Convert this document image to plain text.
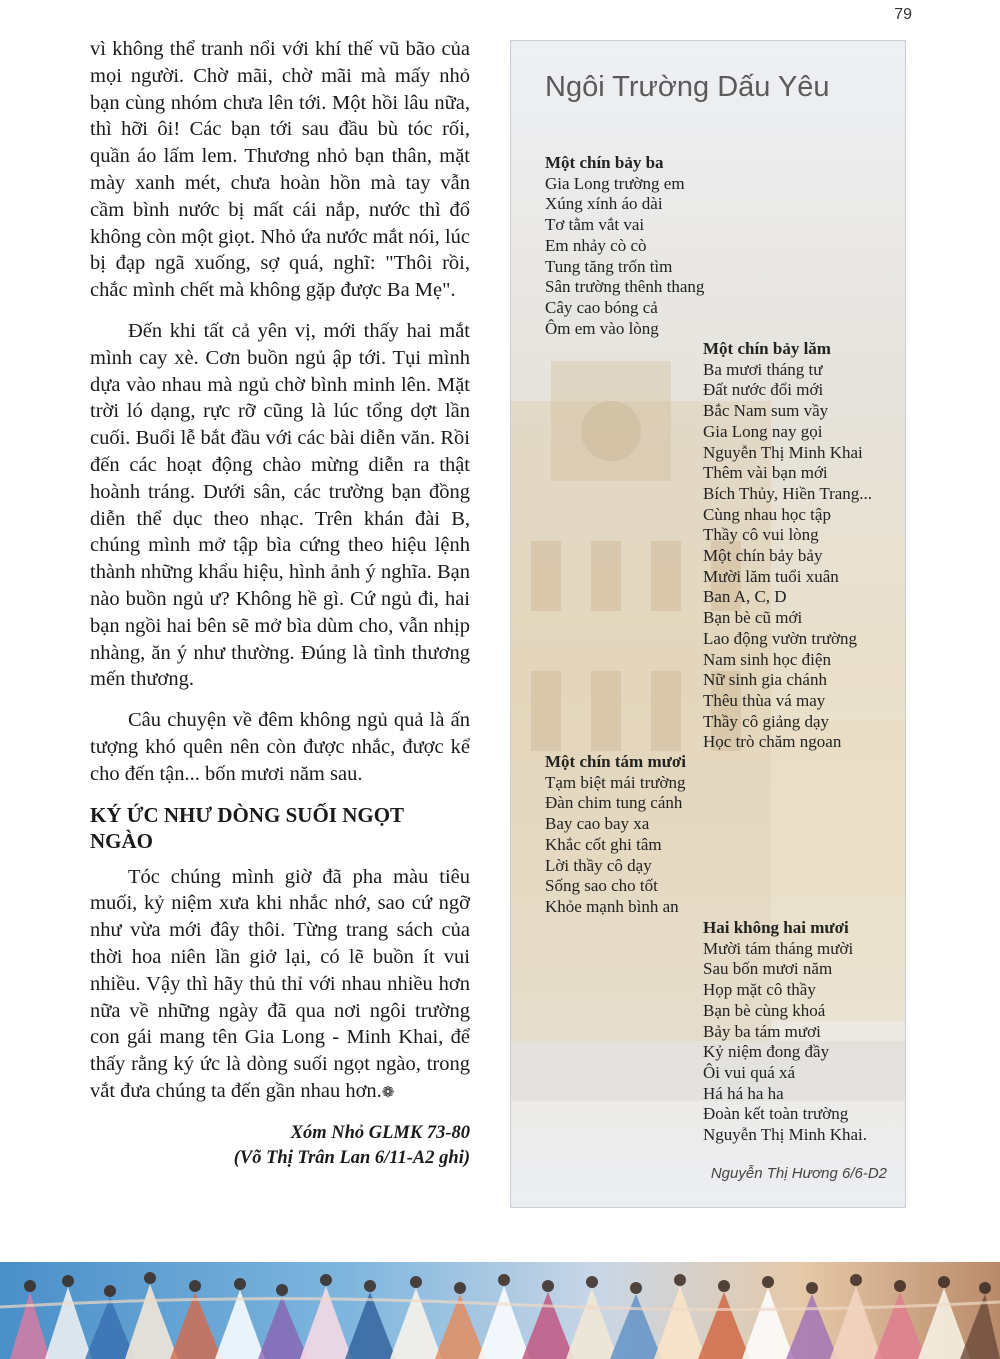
79

vì không thể tranh nổi với khí thế vũ bão của mọi người. Chờ mãi, chờ mãi mà mấy nhỏ bạn cùng nhóm chưa lên tới. Một hồi lâu nữa, thì hỡi ôi! Các bạn tới sau đầu bù tóc rối, quần áo lấm lem. Thương nhỏ bạn thân, mặt mày xanh mét, chưa hoàn hồn mà tay vẫn cầm bình nước bị mất cái nắp, nước thì đổ không còn một giọt. Nhỏ ứa nước mắt nói, lúc bị đạp ngã xuống, sợ quá, nghĩ: "Thôi rồi, chắc mình chết mà không gặp được Ba Mẹ".

Đến khi tất cả yên vị, mới thấy hai mắt mình cay xè. Cơn buồn ngủ ập tới. Tụi mình dựa vào nhau mà ngủ chờ bình minh lên. Mặt trời ló dạng, rực rỡ cũng là lúc tổng dợt lần cuối. Buổi lễ bắt đầu với các bài diễn văn. Rồi đến các hoạt động chào mừng diễn ra thật hoành tráng. Dưới sân, các trường bạn đồng diễn thể dục theo nhạc. Trên khán đài B, chúng mình mở tập bìa cứng theo hiệu lệnh thành những khẩu hiệu, hình ảnh ý nghĩa. Bạn nào buồn ngủ ư? Không hề gì. Cứ ngủ đi, hai bạn ngồi hai bên sẽ mở bìa dùm cho, vẫn nhịp nhàng, ăn ý như thường. Đúng là tình thương mến thương.

Câu chuyện về đêm không ngủ quả là ấn tượng khó quên nên còn được nhắc, được kể cho đến tận... bốn mươi năm sau.

KÝ ỨC NHƯ DÒNG SUỐI NGỌT NGÀO

Tóc chúng mình giờ đã pha màu tiêu muối, kỷ niệm xưa khi nhắc nhớ, sao cứ ngỡ như vừa mới đây thôi. Từng trang sách của thời hoa niên lần giở lại, có lẽ buồn ít vui nhiều. Vậy thì hãy thủ thỉ với nhau nhiều hơn nữa về những ngày đã qua nơi ngôi trường con gái mang tên Gia Long - Minh Khai, để thấy rằng ký ức là dòng suối ngọt ngào, trong vắt đưa chúng ta đến gần nhau hơn.❁

Xóm Nhỏ GLMK 73-80
(Võ Thị Trân Lan 6/11-A2 ghi)
Ngôi Trường Dấu Yêu
Một chín bảy ba
Gia Long trường em
Xúng xính áo dài
Tơ tằm vắt vai
Em nhảy cò cò
Tung tăng trốn tìm
Sân trường thênh thang
Cây cao bóng cả
Ôm em vào lòng
Một chín bảy lăm
Ba mươi tháng tư
Đất nước đổi mới
Bắc Nam sum vầy
Gia Long nay gọi
Nguyễn Thị Minh Khai
Thêm vài bạn mới
Bích Thủy, Hiền Trang...
Cùng nhau học tập
Thầy cô vui lòng
Một chín bảy bảy
Mười lăm tuổi xuân
Ban A, C, D
Bạn bè cũ mới
Lao động vườn trường
Nam sinh học điện
Nữ sinh gia chánh
Thêu thùa vá may
Thầy cô giảng dạy
Học trò chăm ngoan
Một chín tám mươi
Tạm biệt mái trường
Đàn chim tung cánh
Bay cao bay xa
Khắc cốt ghi tâm
Lời thầy cô dạy
Sống sao cho tốt
Khỏe mạnh bình an
Hai không hai mươi
Mười tám tháng mười
Sau bốn mươi năm
Họp mặt cô thầy
Bạn bè cùng khoá
Bảy ba tám mươi
Kỷ niệm đong đầy
Ôi vui quá xá
Há há ha ha
Đoàn kết toàn trường
Nguyễn Thị Minh Khai.
Nguyễn Thị Hương 6/6-D2
